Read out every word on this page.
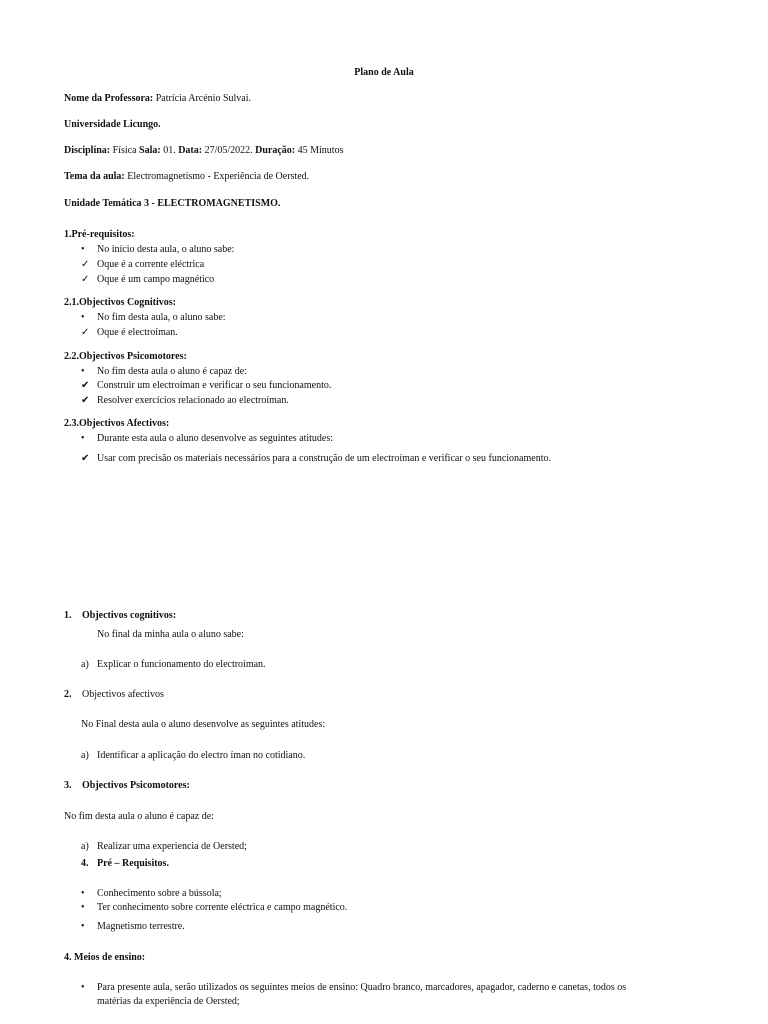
Plano de Aula
Nome da Professora: Patrícia Arcénio Sulvai.
Universidade Licungo.
Disciplina: Física Sala: 01. Data: 27/05/2022. Duração: 45 Minutos
Tema da aula: Electromagnetismo - Experiência de Oersted.
Unidade Temática 3 - ELECTROMAGNETISMO.
1.Pré-requisitos:
• No início desta aula, o aluno sabe:
✓ Oque é a corrente eléctrica
✓ Oque é um campo magnético
2.1.Objectivos Cognitivos:
• No fim desta aula, o aluno sabe:
✓ Oque é electroíman.
2.2.Objectivos Psicomotores:
• No fim desta aula o aluno é capaz de:
✔ Construir um electroíman e verificar o seu funcionamento.
✔ Resolver exercícios relacionado ao electroíman.
2.3.Objectivos Afectivos:
• Durante esta aula o aluno desenvolve as seguintes atitudes:
✔ Usar com precisão os materiais necessários para a construção de um electroíman e verificar o seu funcionamento.
1. Objectivos cognitivos:
No final da minha aula o aluno sabe:
a) Explicar o funcionamento do electroíman.
2. Objectivos afectivos
No Final desta aula o aluno desenvolve as seguintes atitudes:
a) Identificar a aplicação do electro íman no cotidiano.
3. Objectivos Psicomotores:
No fim desta aula o aluno é capaz de:
a) Realizar uma experiencia de Oersted;
4. Pré – Requisitos.
• Conhecimento sobre a bússola;
• Ter conhecimento sobre corrente eléctrica e campo magnético.
• Magnetismo terrestre.
4. Meios de ensino:
• Para presente aula, serão utilizados os seguintes meios de ensino: Quadro branco, marcadores, apagador, caderno e canetas, todos os
matérias da experiência de Oersted;
